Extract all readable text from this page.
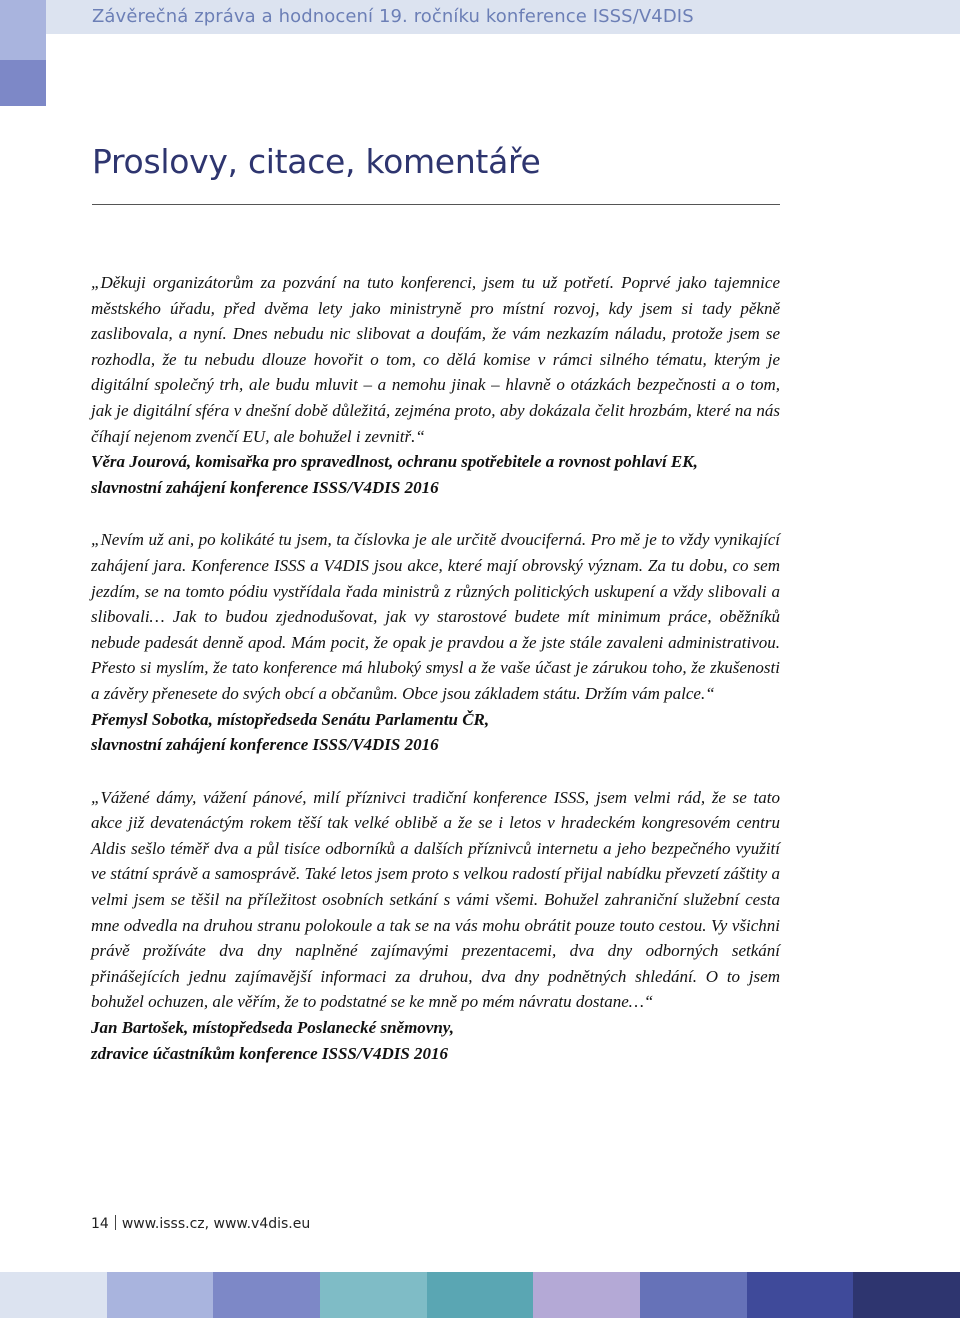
Závěrečná zpráva a hodnocení 19. ročníku konference ISSS/V4DIS
Proslovy, citace, komentáře

„Děkuji organizátorům za pozvání na tuto konferenci, jsem tu už potřetí. Poprvé jako tajemnice městského úřadu, před dvěma lety jako ministryně pro místní rozvoj, kdy jsem si tady pěkně zaslibovala, a nyní. Dnes nebudu nic slibovat a doufám, že vám nezkazím náladu, protože jsem se rozhodla, že tu nebudu dlouze hovořit o tom, co dělá komise v rámci silného tématu, kterým je digitální společný trh, ale budu mluvit – a nemohu jinak – hlavně o otázkách bezpečnosti a o tom, jak je digitální sféra v dnešní době důležitá, zejména proto, aby dokázala čelit hrozbám, které na nás číhají nejenom zvenčí EU, ale bohužel i zevnitř.“

Věra Jourová, komisařka pro spravedlnost, ochranu spotřebitele a rovnost pohlaví EK,

slavnostní zahájení konference ISSS/V4DIS 2016

„Nevím už ani, po kolikáté tu jsem, ta číslovka je ale určitě dvouciferná. Pro mě je to vždy vynikající zahájení jara. Konference ISSS a V4DIS jsou akce, které mají obrovský význam. Za tu dobu, co sem jezdím, se na tomto pódiu vystřídala řada ministrů z různých politických uskupení a vždy slibovali a slibovali… Jak to budou zjednodušovat, jak vy starostové budete mít minimum práce, oběžníků nebude padesát denně apod. Mám pocit, že opak je pravdou a že jste stále zavaleni administrativou. Přesto si myslím, že tato konference má hluboký smysl a že vaše účast je zárukou toho, že zkušenosti a závěry přenesete do svých obcí a občanům. Obce jsou základem státu. Držím vám palce.“

Přemysl Sobotka, místopředseda Senátu Parlamentu ČR,

slavnostní zahájení konference ISSS/V4DIS 2016

„Vážené dámy, vážení pánové, milí příznivci tradiční konference ISSS, jsem velmi rád, že se tato akce již devatenáctým rokem těší tak velké oblibě a že se i letos v hradeckém kongresovém centru Aldis sešlo téměř dva a půl tisíce odborníků a dalších příznivců internetu a jeho bezpečného využití ve státní správě a samosprávě. Také letos jsem proto s velkou radostí přijal nabídku převzetí záštity a velmi jsem se těšil na příležitost osobních setkání s vámi všemi. Bohužel zahraniční služební cesta mne odvedla na druhou stranu polokoule a tak se na vás mohu obrátit pouze touto cestou. Vy všichni právě prožíváte dva dny naplněné zajímavými prezentacemi, dva dny odborných setkání přinášejících jednu zajímavější informaci za druhou, dva dny podnětných shledání. O to jsem bohužel ochuzen, ale věřím, že to podstatné se ke mně po mém návratu dostane…“

Jan Bartošek, místopředseda Poslanecké sněmovny,

zdravice účastníkům konference ISSS/V4DIS 2016

14 www.isss.cz, www.v4dis.eu
